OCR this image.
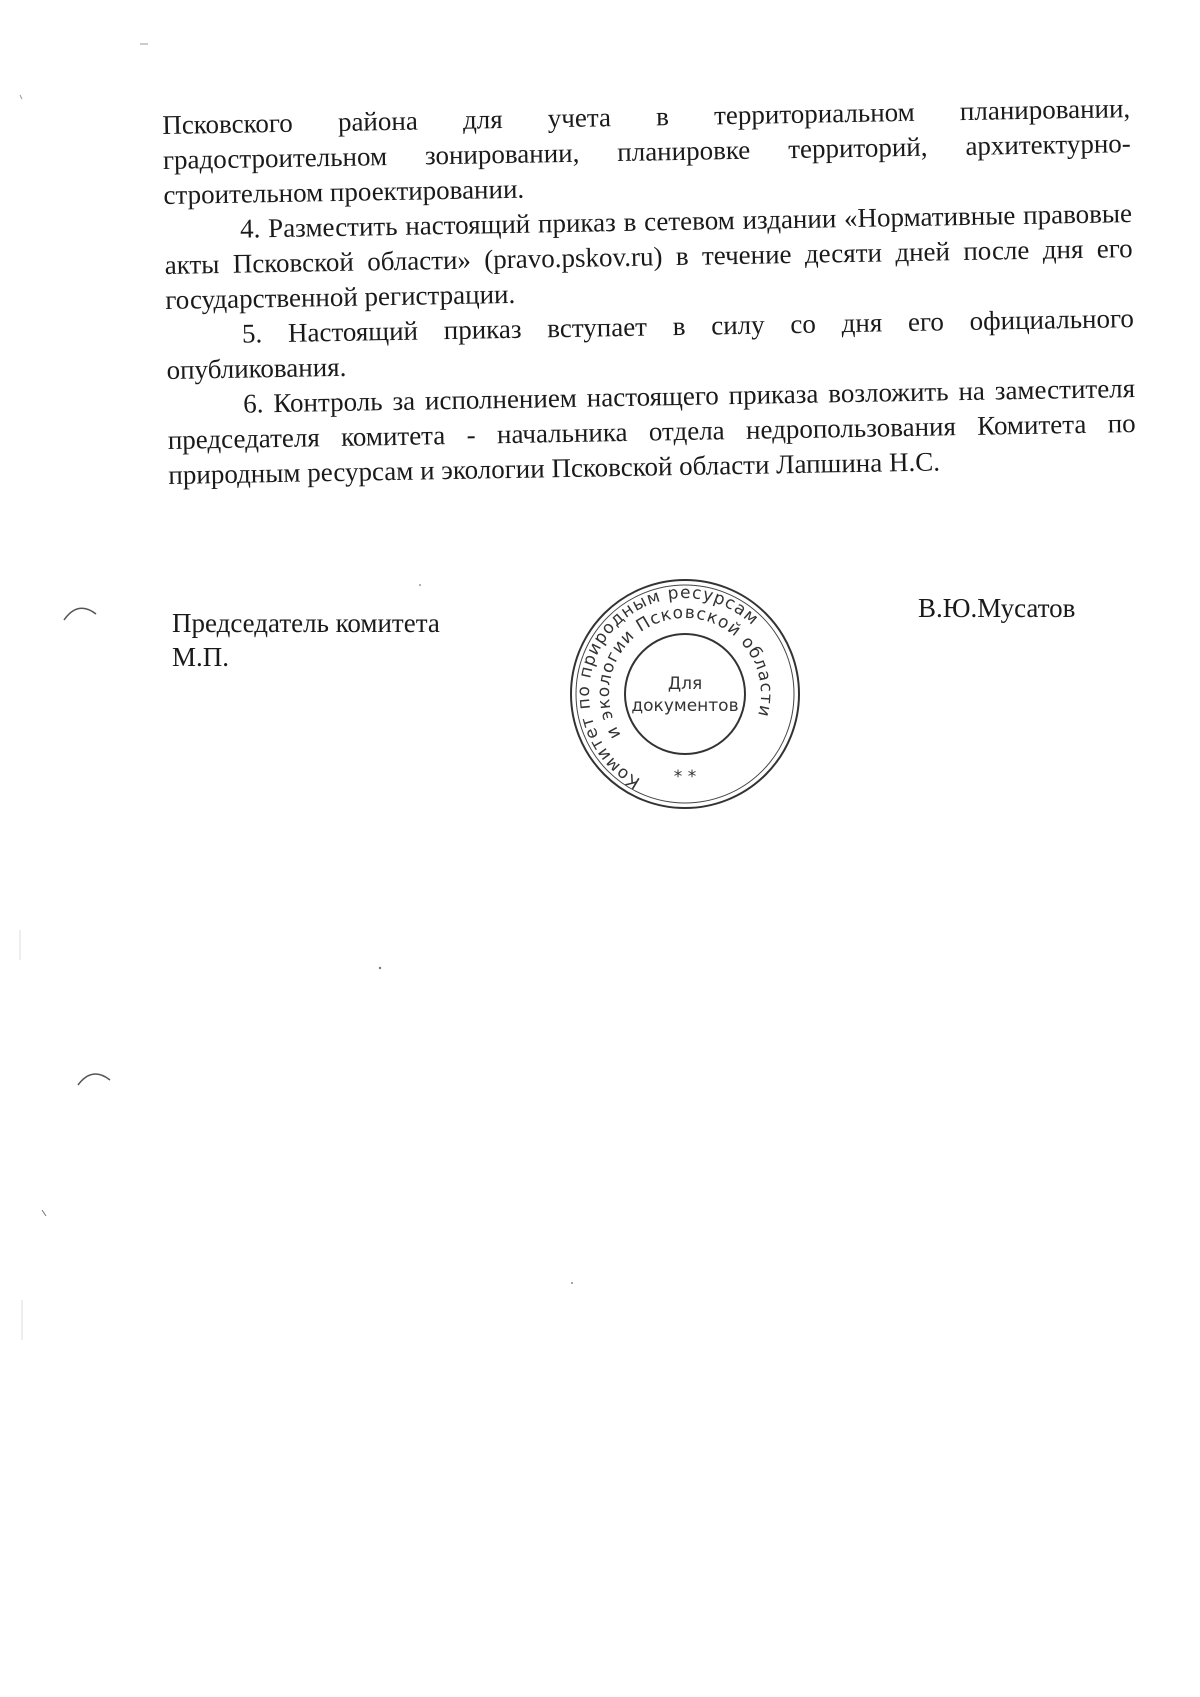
Псковского района для учета в территориальном планировании, градостроительном зонировании, планировке территорий, архитектурно-строительном проектировании.

4. Разместить настоящий приказ в сетевом издании «Нормативные правовые акты Псковской области» (pravo.pskov.ru) в течение десяти дней после дня его государственной регистрации.

5. Настоящий приказ вступает в силу со дня его официального опубликования.

6. Контроль за исполнением настоящего приказа возложить на заместителя председателя комитета - начальника отдела недропользования Комитета по природным ресурсам и экологии Псковской области Лапшина Н.С.

Председатель комитета
М.П.
В.Ю.Мусатов
Комитет по природным ресурсам
и экологии Псковской области
Для
документов
* *
